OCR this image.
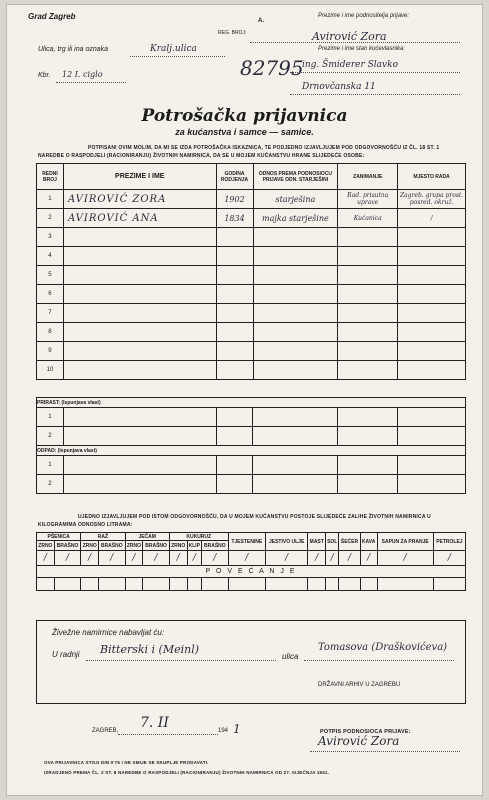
Grad Zagreb	A.
Prezime i ime podnositelja prijave:
REG. BROJ:	Avirović Zora
Ulica, trg ili ina oznaka	Kralj.ulica	Prezime i ime stan kućevlasnika:
82795
ing. Šmiderer Slavko
Kbr. 12 I. ciglo
Drnovčanska 11
Potrošačka prijavnica
za kućanstva i samce — samice.
POTPISANI OVIM MOLIM, DA MI SE IZDA POTROŠAČKA ISKAZNICA, TE PODJEDNO IZJAVLJUJEM POD ODGOVORNOŠĆU IZ ČL. 18 ST. 1 NAREDBE O RASPODJELI (RACIONIRANJU) ŽIVOTNIH NAMIRNICA, DA SE U MOJEM KUĆANSTVU HRANE SLIJEDEĆE OSOBE:
REDNI BROJ	PREZIME I IME	GODINA RODJENJA	ODNOS PREMA PODNOSIOCU PRIJAVE ODN. STARJEŠINI	ZANIMANJE	MJESTO RADA
1	AVIROVIĆ ZORA	1902	starješina	Rad. prisutna uprave	Zagreb. grupa prost. posred. okruž.
2	AVIROVIĆ ANA	1834	majka starješine	Kućanica	/
3					
4					
5					
6					
7					
8					
9					
10					
PRIRAST: (Ispunjava vlast)					
1					
2					
ODPAD: (Ispunjava vlast)					
1					
2					
UJEDNO IZJAVLJUJEM POD ISTOM ODGOVORNOŠĆU, DA U MOJEM KUĆANSTVU POSTOJE SLIJEDEĆE ZALIHE ŽIVOTNIH NAMIRNICA U KILOGRAMIMA ODNOSNO LITRAMA:
PŠENICA		RAŽ		JEČAM		KUKURUZ			TJESTENINE	JESTIVO ULJE	MAST	SOL	ŠEĆER	KAVA	SAPUN ZA PRANJE	PETROLEJ
ZRNO	BRAŠNO	ZRNO	BRAŠNO	ZRNO	BRAŠNO	ZRNO	KLIP	BRAŠNO								
/	/	/	/	/	/	/	/	/	/	/	/	/	/	/	/	/
P O V E Ć A N J E																

Živežne namirnice nabavljat ću:
U radnji Bitterski i (Meinl)
ulica
Tomasova (Draškovićeva)
DRŽAVNI ARHIV U ZAGREBU
ZAGREB, 7. II	194 1	POTPIS PODNOSIOCA PRIJAVE:
Avirović Zora
OVA PRIJAVNICA STOJI DIN 0'75 I NE SMIJE SE SKUPLJE PRODAVATI.
IZRADJENO PREMA ČL. 2 ST. 8 NAREDBE O RASPODJELI (RACIONIRANJU) ŽIVOTNIH NAMIRNICA OD 27. SIJEČNJA 1941.
